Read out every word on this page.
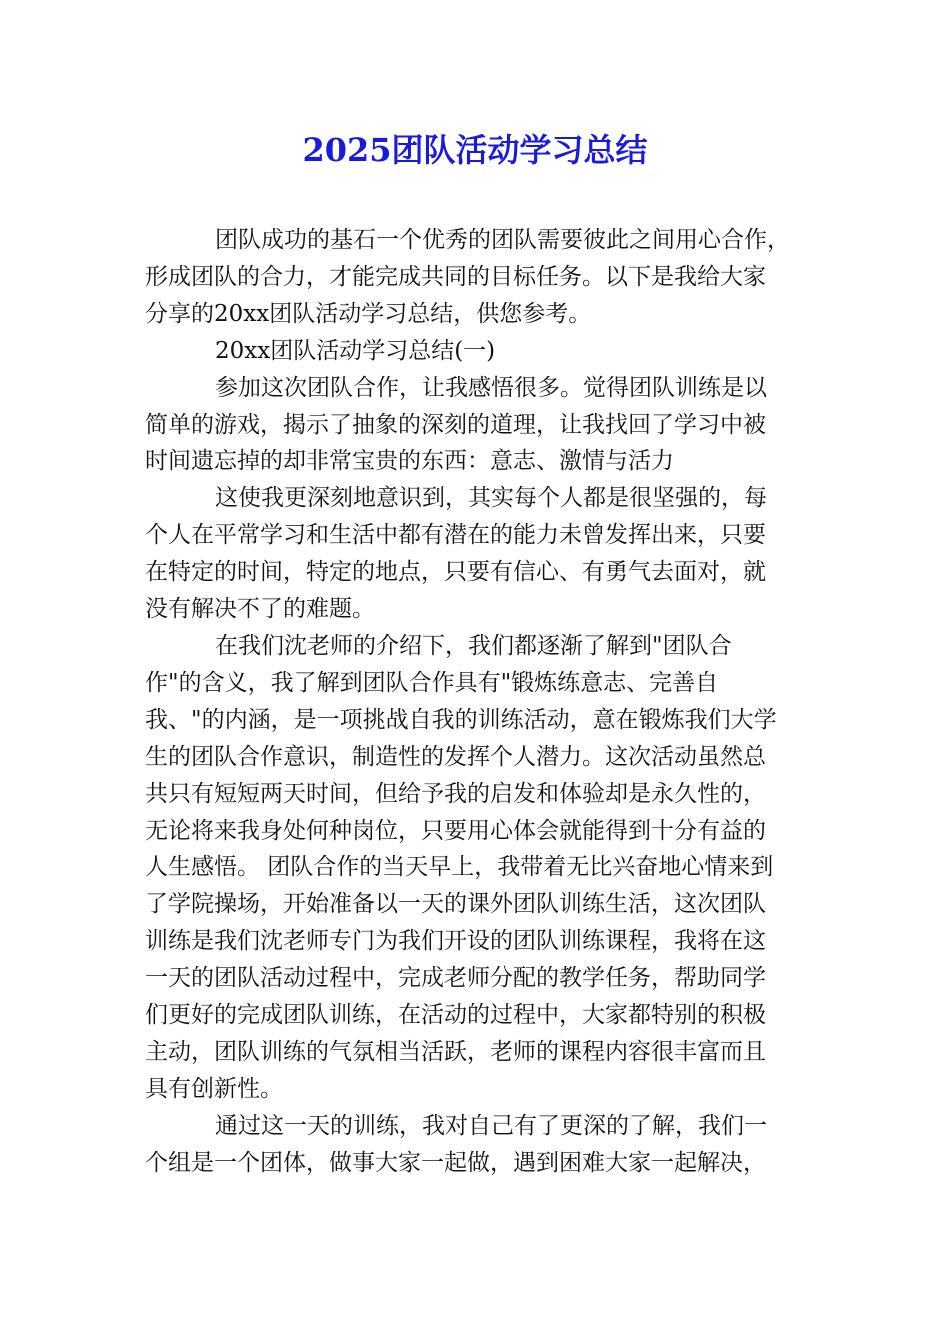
2025团队活动学习总结
团队成功的基石一个优秀的团队需要彼此之间用心合作，
形成团队的合力，才能完成共同的目标任务。以下是我给大家
分享的20xx团队活动学习总结，供您参考。
20xx团队活动学习总结(一)
参加这次团队合作，让我感悟很多。觉得团队训练是以
简单的游戏，揭示了抽象的深刻的道理，让我找回了学习中被
时间遗忘掉的却非常宝贵的东西：意志、激情与活力
这使我更深刻地意识到，其实每个人都是很坚强的，每
个人在平常学习和生活中都有潜在的能力未曾发挥出来，只要
在特定的时间，特定的地点，只要有信心、有勇气去面对，就
没有解决不了的难题。
在我们沈老师的介绍下，我们都逐渐了解到"团队合
作"的含义，我了解到团队合作具有"锻炼练意志、完善自
我、"的内涵，是一项挑战自我的训练活动，意在锻炼我们大学
生的团队合作意识，制造性的发挥个人潜力。这次活动虽然总
共只有短短两天时间，但给予我的启发和体验却是永久性的，
无论将来我身处何种岗位，只要用心体会就能得到十分有益的
人生感悟。 团队合作的当天早上，我带着无比兴奋地心情来到
了学院操场，开始准备以一天的课外团队训练生活，这次团队
训练是我们沈老师专门为我们开设的团队训练课程，我将在这
一天的团队活动过程中，完成老师分配的教学任务，帮助同学
们更好的完成团队训练，在活动的过程中，大家都特别的积极
主动，团队训练的气氛相当活跃，老师的课程内容很丰富而且
具有创新性。
通过这一天的训练，我对自己有了更深的了解，我们一
个组是一个团体，做事大家一起做，遇到困难大家一起解决，
